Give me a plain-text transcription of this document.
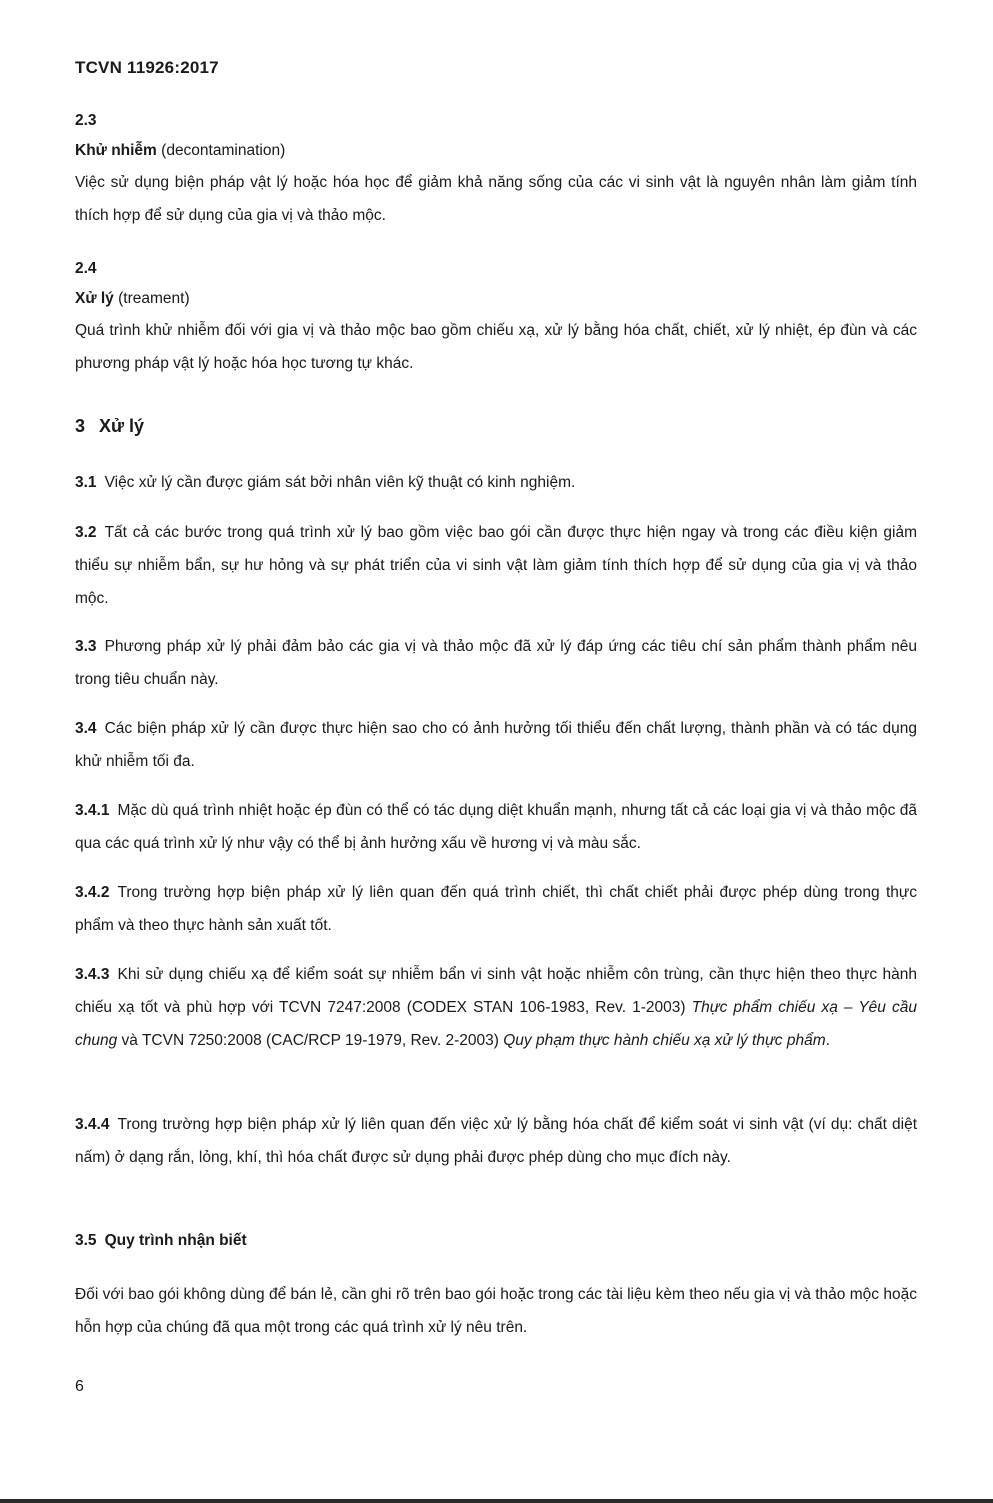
TCVN 11926:2017

2.3

Khử nhiễm (decontamination)

Việc sử dụng biện pháp vật lý hoặc hóa học để giảm khả năng sống của các vi sinh vật là nguyên nhân làm giảm tính thích hợp để sử dụng của gia vị và thảo mộc.

2.4

Xử lý (treament)

Quá trình khử nhiễm đối với gia vị và thảo mộc bao gồm chiếu xạ, xử lý bằng hóa chất, chiết, xử lý nhiệt, ép đùn và các phương pháp vật lý hoặc hóa học tương tự khác.

3 Xử lý

3.1 Việc xử lý cần được giám sát bởi nhân viên kỹ thuật có kinh nghiệm.

3.2 Tất cả các bước trong quá trình xử lý bao gồm việc bao gói cần được thực hiện ngay và trong các điều kiện giảm thiểu sự nhiễm bẩn, sự hư hỏng và sự phát triển của vi sinh vật làm giảm tính thích hợp để sử dụng của gia vị và thảo mộc.

3.3 Phương pháp xử lý phải đảm bảo các gia vị và thảo mộc đã xử lý đáp ứng các tiêu chí sản phẩm thành phẩm nêu trong tiêu chuẩn này.

3.4 Các biện pháp xử lý cần được thực hiện sao cho có ảnh hưởng tối thiểu đến chất lượng, thành phần và có tác dụng khử nhiễm tối đa.

3.4.1 Mặc dù quá trình nhiệt hoặc ép đùn có thể có tác dụng diệt khuẩn mạnh, nhưng tất cả các loại gia vị và thảo mộc đã qua các quá trình xử lý như vậy có thể bị ảnh hưởng xấu về hương vị và màu sắc.

3.4.2 Trong trường hợp biện pháp xử lý liên quan đến quá trình chiết, thì chất chiết phải được phép dùng trong thực phẩm và theo thực hành sản xuất tốt.

3.4.3 Khi sử dụng chiếu xạ để kiểm soát sự nhiễm bẩn vi sinh vật hoặc nhiễm côn trùng, cần thực hiện theo thực hành chiếu xạ tốt và phù hợp với TCVN 7247:2008 (CODEX STAN 106-1983, Rev. 1-2003) Thực phẩm chiếu xạ – Yêu cầu chung và TCVN 7250:2008 (CAC/RCP 19-1979, Rev. 2-2003) Quy phạm thực hành chiếu xạ xử lý thực phẩm.

3.4.4 Trong trường hợp biện pháp xử lý liên quan đến việc xử lý bằng hóa chất để kiểm soát vi sinh vật (ví dụ: chất diệt nấm) ở dạng rắn, lỏng, khí, thì hóa chất được sử dụng phải được phép dùng cho mục đích này.

3.5 Quy trình nhận biết

Đối với bao gói không dùng để bán lẻ, cần ghi rõ trên bao gói hoặc trong các tài liệu kèm theo nếu gia vị và thảo mộc hoặc hỗn hợp của chúng đã qua một trong các quá trình xử lý nêu trên.

6
